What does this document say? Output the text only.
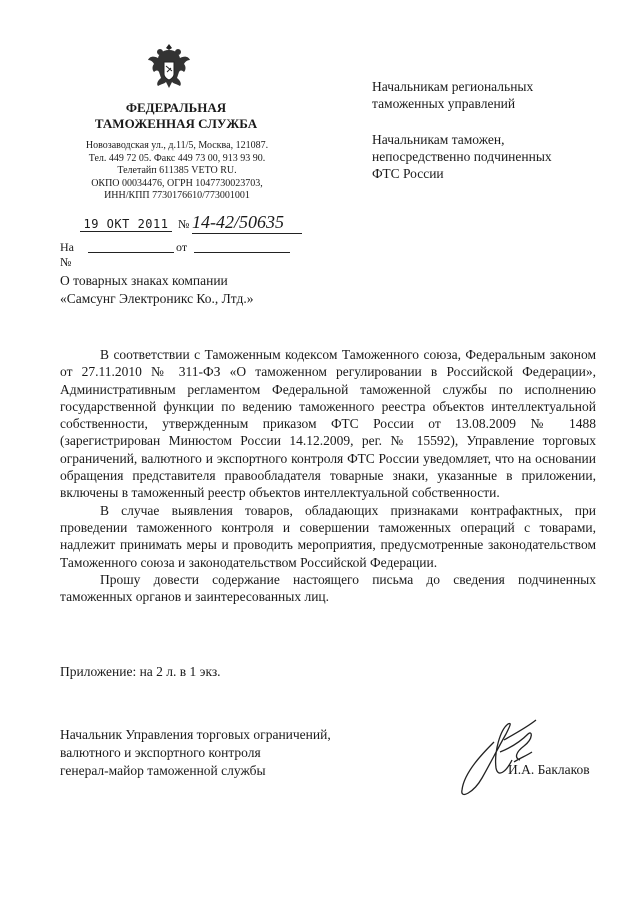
ФЕДЕРАЛЬНАЯ
ТАМОЖЕННАЯ СЛУЖБА
Новозаводская ул., д.11/5, Москва, 121087.
Тел. 449 72 05. Факс 449 73 00, 913 93 90.
Телетайп 611385 VETO RU.
ОКПО 00034476, ОГРН 1047730023703,
ИНН/КПП 7730176610/773001001
19 ОКТ 2011 № 14-42/50635
На №
от
О товарных знаках компании
«Самсунг Электроникс Ко., Лтд.»
Начальникам региональных
таможенных управлений
Начальникам таможен,
непосредственно подчиненных
ФТС России

В соответствии с Таможенным кодексом Таможенного союза, Федеральным законом от 27.11.2010 № 311-ФЗ «О таможенном регулировании в Российской Федерации», Административным регламентом Федеральной таможенной службы по исполнению государственной функции по ведению таможенного реестра объектов интеллектуальной собственности, утвержденным приказом ФТС России от 13.08.2009 № 1488 (зарегистрирован Минюстом России 14.12.2009, рег. № 15592), Управление торговых ограничений, валютного и экспортного контроля ФТС России уведомляет, что на основании обращения представителя правообладателя товарные знаки, указанные в приложении, включены в таможенный реестр объектов интеллектуальной собственности.

В случае выявления товаров, обладающих признаками контрафактных, при проведении таможенного контроля и совершении таможенных операций с товарами, надлежит принимать меры и проводить мероприятия, предусмотренные законодательством Таможенного союза и законодательством Российской Федерации.

Прошу довести содержание настоящего письма до сведения подчиненных таможенных органов и заинтересованных лиц.

Приложение: на 2 л. в 1 экз.
Начальник Управления торговых ограничений,
валютного и экспортного контроля
генерал-майор таможенной службы	И.А. Баклаков
